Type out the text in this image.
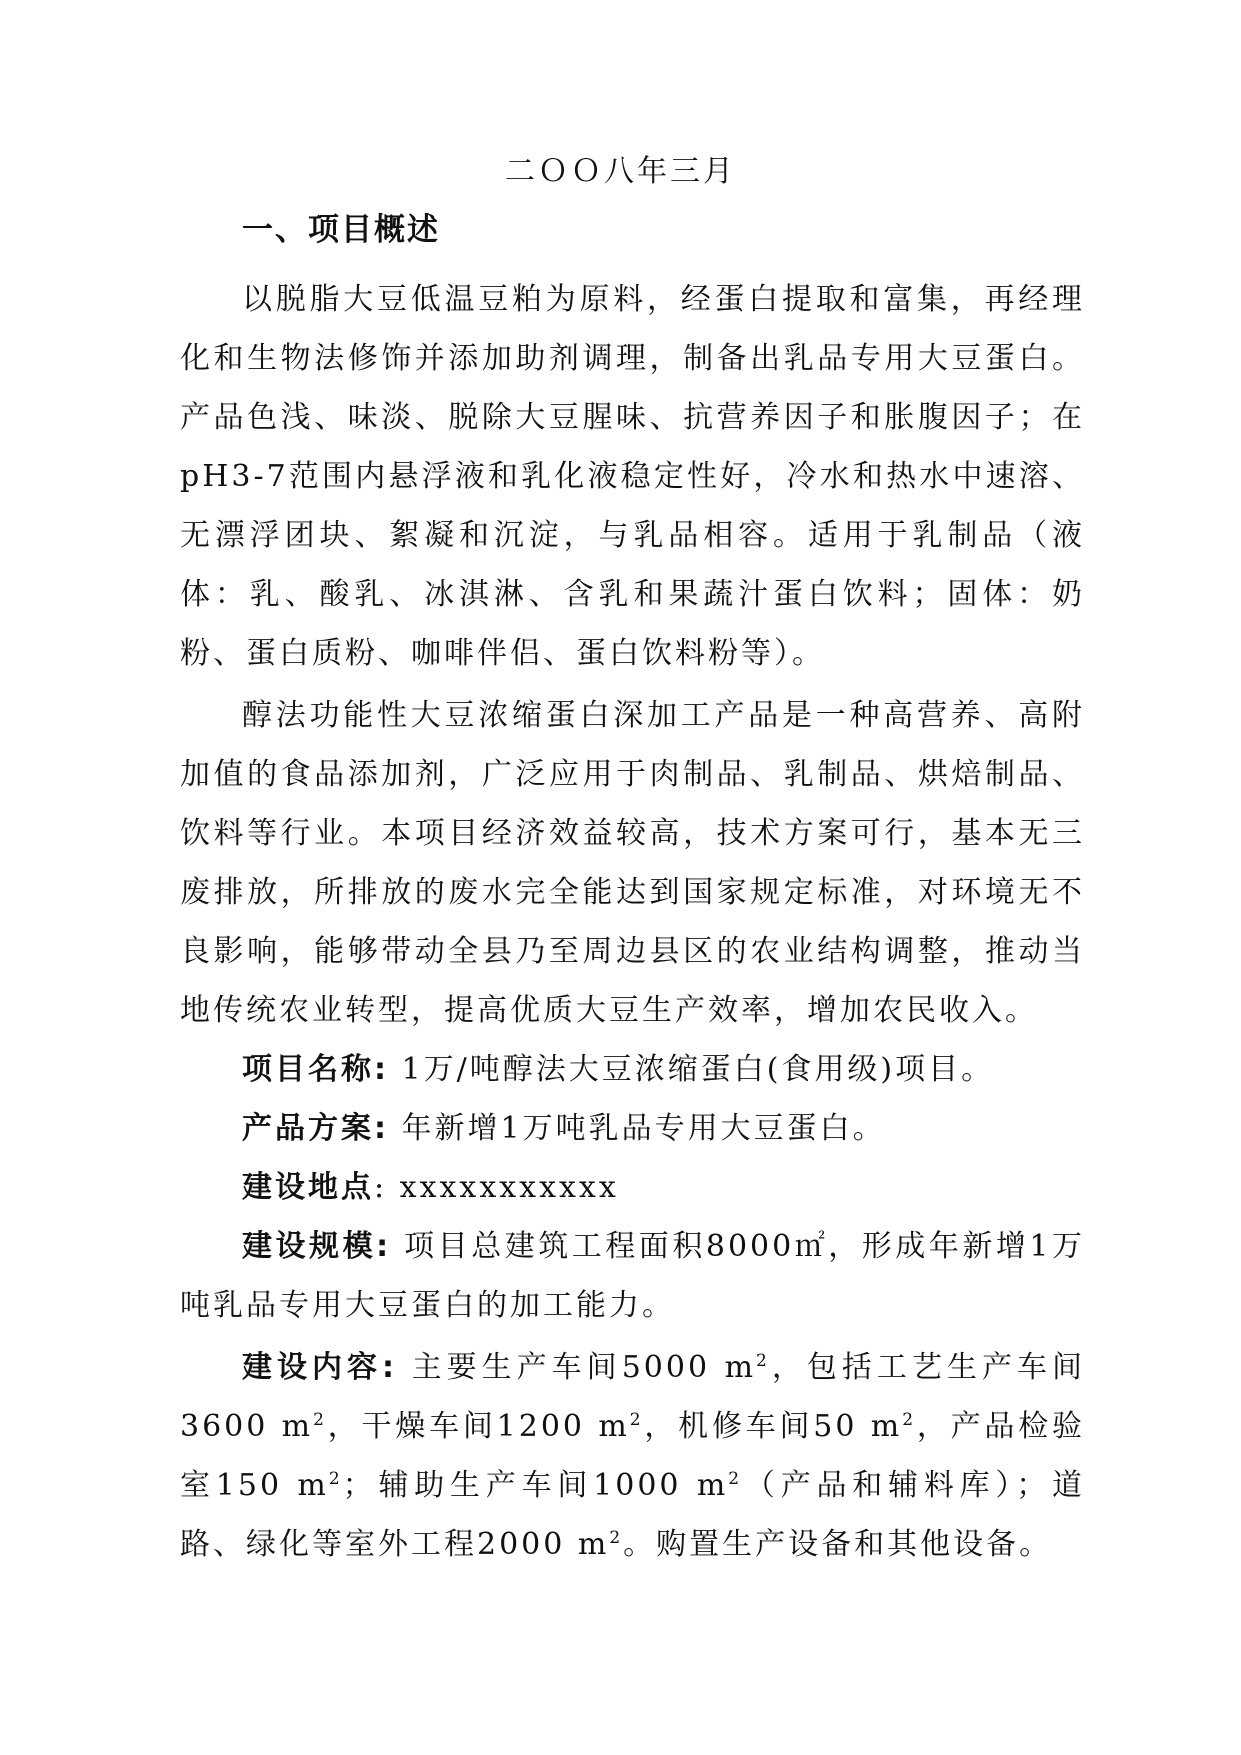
二ＯＯ八年三月
一、项目概述

以脱脂大豆低温豆粕为原料，经蛋白提取和富集，再经理化和生物法修饰并添加助剂调理，制备出乳品专用大豆蛋白。产品色浅、味淡、脱除大豆腥味、抗营养因子和胀腹因子；在pH3-7范围内悬浮液和乳化液稳定性好，冷水和热水中速溶、无漂浮团块、絮凝和沉淀，与乳品相容。适用于乳制品（液体：乳、酸乳、冰淇淋、含乳和果蔬汁蛋白饮料；固体：奶粉、蛋白质粉、咖啡伴侣、蛋白饮料粉等）。

醇法功能性大豆浓缩蛋白深加工产品是一种高营养、高附加值的食品添加剂，广泛应用于肉制品、乳制品、烘焙制品、饮料等行业。本项目经济效益较高，技术方案可行，基本无三废排放，所排放的废水完全能达到国家规定标准，对环境无不良影响，能够带动全县乃至周边县区的农业结构调整，推动当地传统农业转型，提高优质大豆生产效率，增加农民收入。

项目名称: 1万/吨醇法大豆浓缩蛋白(食用级)项目。

产品方案: 年新增1万吨乳品专用大豆蛋白。

建设地点: xxxxxxxxxxx

建设规模: 项目总建筑工程面积8000㎡，形成年新增1万吨乳品专用大豆蛋白的加工能力。

建设内容: 主要生产车间5000 $m^2$，包括工艺生产车间3600 $m^2$，干燥车间1200 $m^2$，机修车间50 $m^2$，产品检验室150 $m^2$；辅助生产车间1000 $m^2$（产品和辅料库）；道路、绿化等室外工程2000 $m^2$。购置生产设备和其他设备。
